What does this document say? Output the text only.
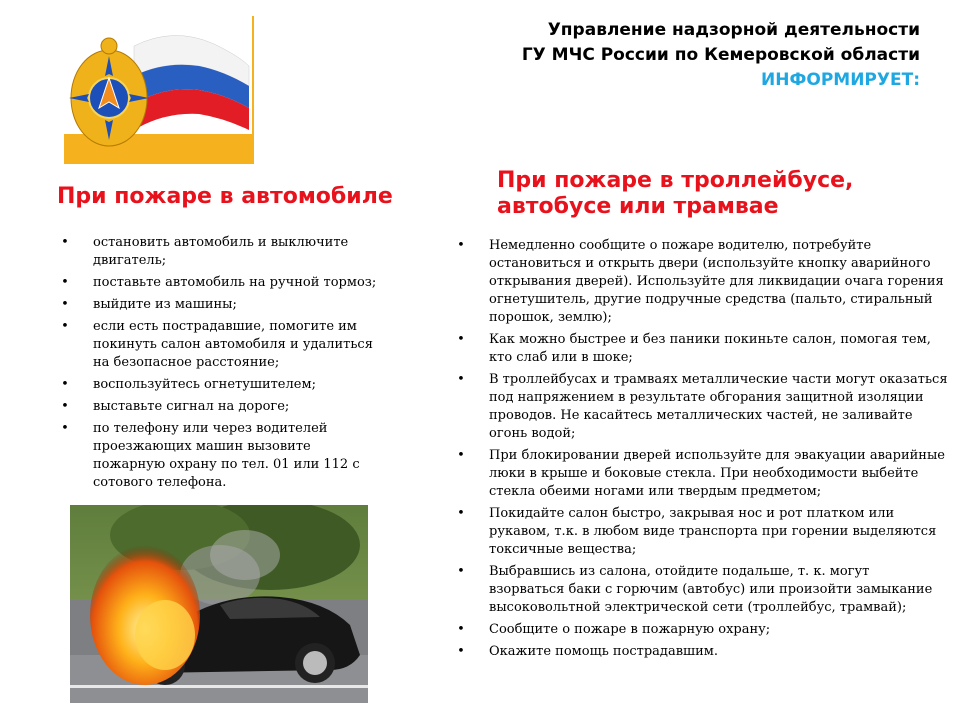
Управление надзорной деятельности
ГУ МЧС России по Кемеровской области
ИНФОРМИРУЕТ:
При пожаре в автомобиле
При пожаре в троллейбусе, автобусе или трамвае
•	остановить автомобиль и выключите двигатель;
•	поставьте автомобиль на ручной тормоз;
•	выйдите из машины;
•	если есть пострадавшие, помогите им покинуть салон автомобиля и удалиться на безопасное расстояние;
•	воспользуйтесь огнетушителем;
•	выставьте сигнал на дороге;
•	по телефону или через водителей проезжающих машин вызовите пожарную охрану по тел. 01 или 112 с сотового телефона.
•	Немедленно сообщите о пожаре водителю, потребуйте остановиться и открыть двери (используйте кнопку аварийного открывания дверей). Используйте для ликвидации очага горения огнетушитель, другие подручные средства (пальто, стиральный порошок, землю);
•	Как можно быстрее и без паники покиньте салон, помогая тем, кто слаб или в шоке;
•	В троллейбусах и трамваях металлические части могут оказаться под напряжением в результате обгорания защитной изоляции проводов. Не касайтесь металлических частей, не заливайте огонь водой;
•	При блокировании дверей используйте для эвакуации аварийные люки в крыше и боковые стекла. При необходимости выбейте стекла обеими ногами или твердым предметом;
•	Покидайте салон быстро, закрывая нос и рот платком или рукавом, т.к. в любом виде транспорта при горении выделяются токсичные вещества;
•	Выбравшись из салона, отойдите подальше, т. к. могут взорваться баки с горючим (автобус) или произойти замыкание высоковольтной электрической сети (троллейбус, трамвай);
•	Сообщите о пожаре в пожарную охрану;
•	Окажите помощь пострадавшим.
